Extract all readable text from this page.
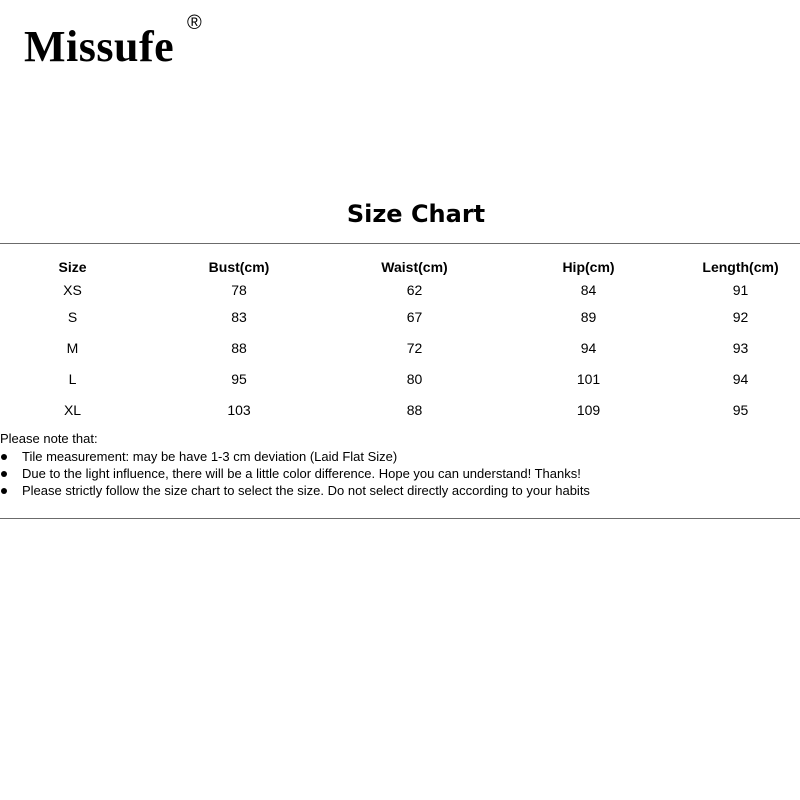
Missufe ®
Size Chart
Size	Bust(cm)	Waist(cm)	Hip(cm)	Length(cm)
XS	78	62	84	91
S	83	67	89	92
M	88	72	94	93
L	95	80	101	94
XL	103	88	109	95
Please note that:
Tile measurement: may be have 1-3 cm deviation (Laid Flat Size)
Due to the light influence, there will be a little color difference. Hope you can understand! Thanks!
Please strictly follow the size chart to select the size. Do not select directly according to your habits
